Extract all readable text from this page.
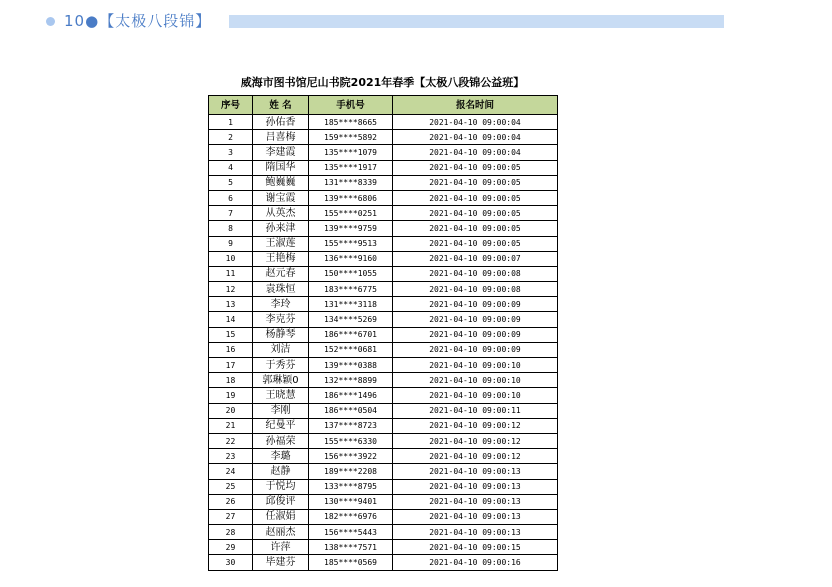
10●【太极八段锦】
威海市图书馆尼山书院2021年春季【太极八段锦公益班】
序号	姓 名	手机号	报名时间
1	孙佑香	185****8665	2021-04-10 09:00:04
2	吕喜梅	159****5892	2021-04-10 09:00:04
3	李建霞	135****1079	2021-04-10 09:00:04
4	隋国华	135****1917	2021-04-10 09:00:05
5	鲍巍巍	131****8339	2021-04-10 09:00:05
6	谢宝霞	139****6806	2021-04-10 09:00:05
7	从英杰	155****0251	2021-04-10 09:00:05
8	孙来津	139****9759	2021-04-10 09:00:05
9	王淑莲	155****9513	2021-04-10 09:00:05
10	王艳梅	136****9160	2021-04-10 09:00:07
11	赵元春	150****1055	2021-04-10 09:00:08
12	袁珠恒	183****6775	2021-04-10 09:00:08
13	李玲	131****3118	2021-04-10 09:00:09
14	李克芬	134****5269	2021-04-10 09:00:09
15	杨静琴	186****6701	2021-04-10 09:00:09
16	刘洁	152****0681	2021-04-10 09:00:09
17	于秀芬	139****0388	2021-04-10 09:00:10
18	郭琳颖0	132****8899	2021-04-10 09:00:10
19	王晓慧	186****1496	2021-04-10 09:00:10
20	李刚	186****0504	2021-04-10 09:00:11
21	纪曼平	137****8723	2021-04-10 09:00:12
22	孙福荣	155****6330	2021-04-10 09:00:12
23	李璐	156****3922	2021-04-10 09:00:12
24	赵静	189****2208	2021-04-10 09:00:13
25	于悦均	133****8795	2021-04-10 09:00:13
26	邱俊评	130****9401	2021-04-10 09:00:13
27	任淑娟	182****6976	2021-04-10 09:00:13
28	赵丽杰	156****5443	2021-04-10 09:00:13
29	许萍	138****7571	2021-04-10 09:00:15
30	毕建芬	185****0569	2021-04-10 09:00:16
